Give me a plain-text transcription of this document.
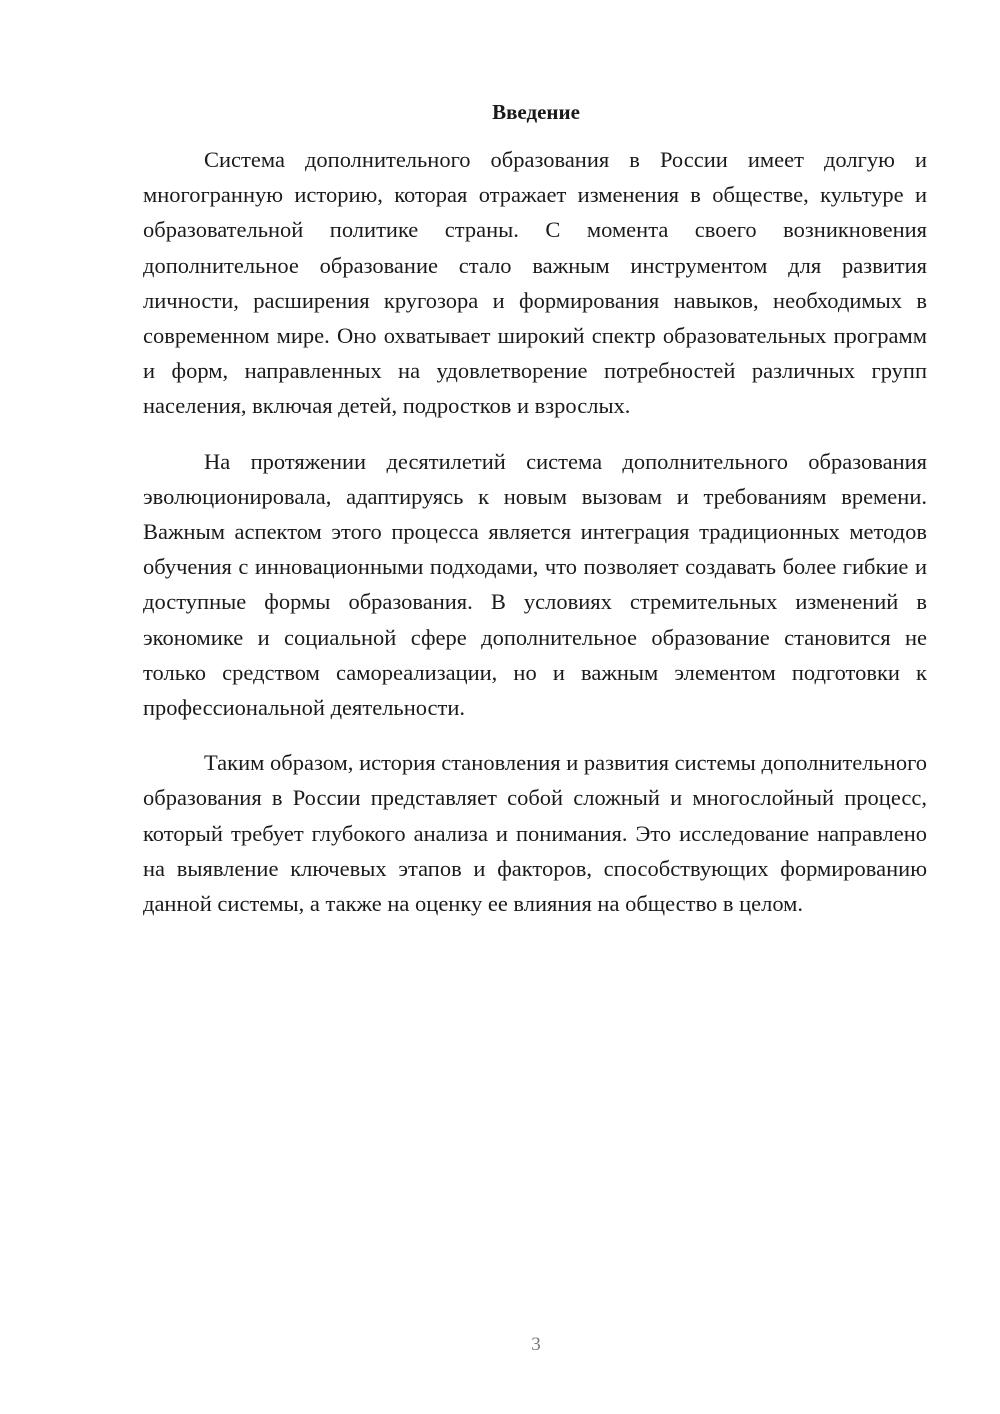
Введение

Система дополнительного образования в России имеет долгую и многогранную историю, которая отражает изменения в обществе, культуре и образовательной политике страны. С момента своего возникновения дополнительное образование стало важным инструментом для развития личности, расширения кругозора и формирования навыков, необходимых в современном мире. Оно охватывает широкий спектр образовательных программ и форм, направленных на удовлетворение потребностей различных групп населения, включая детей, подростков и взрослых.

На протяжении десятилетий система дополнительного образования эволюционировала, адаптируясь к новым вызовам и требованиям времени. Важным аспектом этого процесса является интеграция традиционных методов обучения с инновационными подходами, что позволяет создавать более гибкие и доступные формы образования. В условиях стремительных изменений в экономике и социальной сфере дополнительное образование становится не только средством самореализации, но и важным элементом подготовки к профессиональной деятельности.

Таким образом, история становления и развития системы дополнительного образования в России представляет собой сложный и многослойный процесс, который требует глубокого анализа и понимания. Это исследование направлено на выявление ключевых этапов и факторов, способствующих формированию данной системы, а также на оценку ее влияния на общество в целом.

3
